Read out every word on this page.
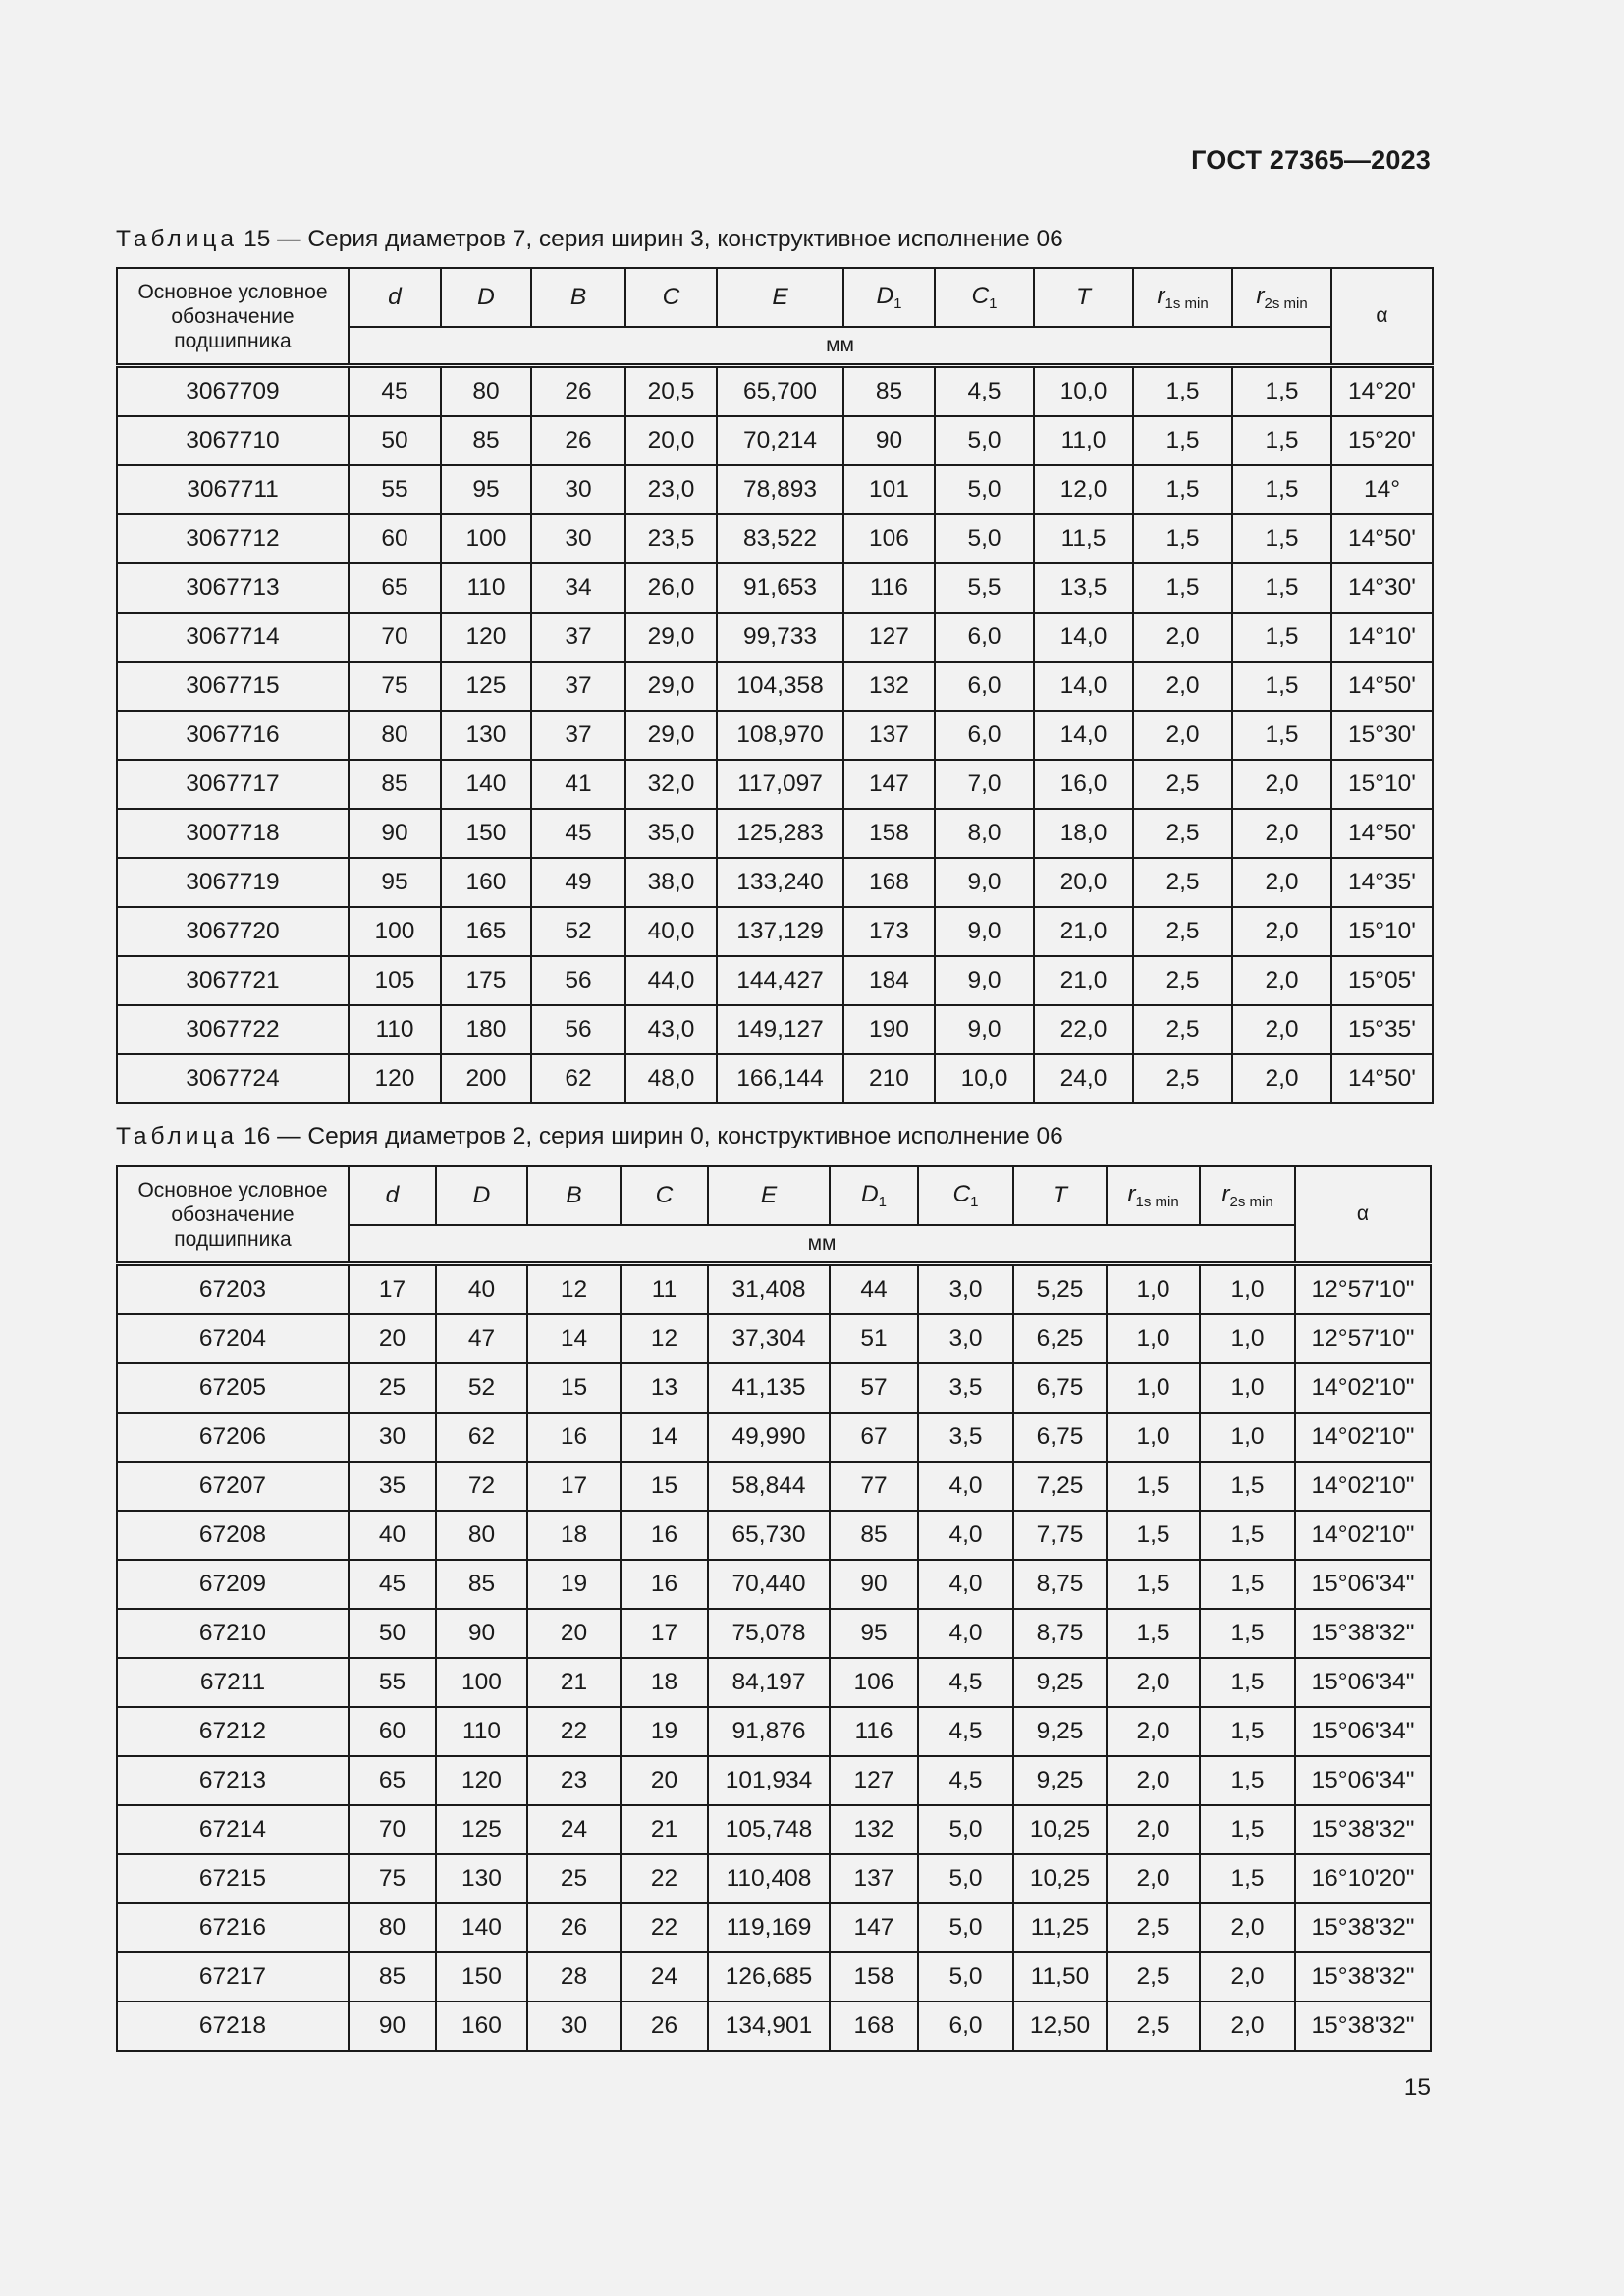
ГОСТ 27365—2023
Таблица 15 — Серия диаметров 7, серия ширин 3, конструктивное исполнение 06
Основное условное обозначение подшипника	d	D	B	C	E	$D_1$	$C_1$	T	$r_{1s min}$	$r_{2s min}$	α
	мм										
3067709	45	80	26	20,5	65,700	85	4,5	10,0	1,5	1,5	14°20'
3067710	50	85	26	20,0	70,214	90	5,0	11,0	1,5	1,5	15°20'
3067711	55	95	30	23,0	78,893	101	5,0	12,0	1,5	1,5	14°
3067712	60	100	30	23,5	83,522	106	5,0	11,5	1,5	1,5	14°50'
3067713	65	110	34	26,0	91,653	116	5,5	13,5	1,5	1,5	14°30'
3067714	70	120	37	29,0	99,733	127	6,0	14,0	2,0	1,5	14°10'
3067715	75	125	37	29,0	104,358	132	6,0	14,0	2,0	1,5	14°50'
3067716	80	130	37	29,0	108,970	137	6,0	14,0	2,0	1,5	15°30'
3067717	85	140	41	32,0	117,097	147	7,0	16,0	2,5	2,0	15°10'
3007718	90	150	45	35,0	125,283	158	8,0	18,0	2,5	2,0	14°50'
3067719	95	160	49	38,0	133,240	168	9,0	20,0	2,5	2,0	14°35'
3067720	100	165	52	40,0	137,129	173	9,0	21,0	2,5	2,0	15°10'
3067721	105	175	56	44,0	144,427	184	9,0	21,0	2,5	2,0	15°05'
3067722	110	180	56	43,0	149,127	190	9,0	22,0	2,5	2,0	15°35'
3067724	120	200	62	48,0	166,144	210	10,0	24,0	2,5	2,0	14°50'
Таблица 16 — Серия диаметров 2, серия ширин 0, конструктивное исполнение 06
Основное условное обозначение подшипника	d	D	B	C	E	$D_1$	$C_1$	T	$r_{1s min}$	$r_{2s min}$	α
	мм										
67203	17	40	12	11	31,408	44	3,0	5,25	1,0	1,0	12°57'10"
67204	20	47	14	12	37,304	51	3,0	6,25	1,0	1,0	12°57'10"
67205	25	52	15	13	41,135	57	3,5	6,75	1,0	1,0	14°02'10"
67206	30	62	16	14	49,990	67	3,5	6,75	1,0	1,0	14°02'10"
67207	35	72	17	15	58,844	77	4,0	7,25	1,5	1,5	14°02'10"
67208	40	80	18	16	65,730	85	4,0	7,75	1,5	1,5	14°02'10"
67209	45	85	19	16	70,440	90	4,0	8,75	1,5	1,5	15°06'34"
67210	50	90	20	17	75,078	95	4,0	8,75	1,5	1,5	15°38'32"
67211	55	100	21	18	84,197	106	4,5	9,25	2,0	1,5	15°06'34"
67212	60	110	22	19	91,876	116	4,5	9,25	2,0	1,5	15°06'34"
67213	65	120	23	20	101,934	127	4,5	9,25	2,0	1,5	15°06'34"
67214	70	125	24	21	105,748	132	5,0	10,25	2,0	1,5	15°38'32"
67215	75	130	25	22	110,408	137	5,0	10,25	2,0	1,5	16°10'20"
67216	80	140	26	22	119,169	147	5,0	11,25	2,5	2,0	15°38'32"
67217	85	150	28	24	126,685	158	5,0	11,50	2,5	2,0	15°38'32"
67218	90	160	30	26	134,901	168	6,0	12,50	2,5	2,0	15°38'32"
15
